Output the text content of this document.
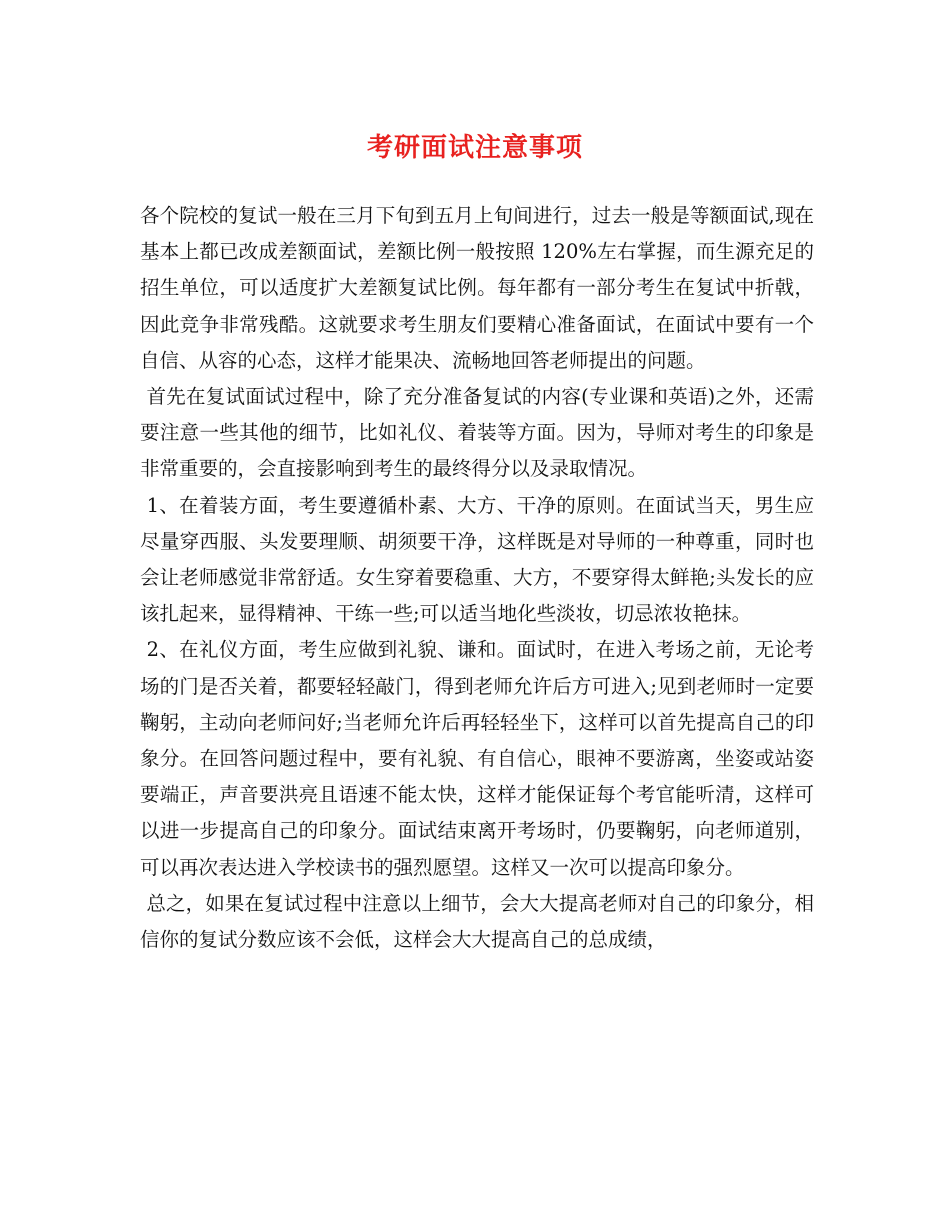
考研面试注意事项

各个院校的复试一般在三月下旬到五月上旬间进行，过去一般是等额面试,现在基本上都已改成差额面试，差额比例一般按照 120%左右掌握，而生源充足的招生单位，可以适度扩大差额复试比例。每年都有一部分考生在复试中折戟，因此竞争非常残酷。这就要求考生朋友们要精心准备面试，在面试中要有一个自信、从容的心态，这样才能果决、流畅地回答老师提出的问题。

首先在复试面试过程中，除了充分准备复试的内容(专业课和英语)之外，还需要注意一些其他的细节，比如礼仪、着装等方面。因为，导师对考生的印象是非常重要的，会直接影响到考生的最终得分以及录取情况。

1、在着装方面，考生要遵循朴素、大方、干净的原则。在面试当天，男生应尽量穿西服、头发要理顺、胡须要干净，这样既是对导师的一种尊重，同时也会让老师感觉非常舒适。女生穿着要稳重、大方，不要穿得太鲜艳;头发长的应该扎起来，显得精神、干练一些;可以适当地化些淡妆，切忌浓妆艳抹。

2、在礼仪方面，考生应做到礼貌、谦和。面试时，在进入考场之前，无论考场的门是否关着，都要轻轻敲门，得到老师允许后方可进入;见到老师时一定要鞠躬，主动向老师问好;当老师允许后再轻轻坐下，这样可以首先提高自己的印象分。在回答问题过程中，要有礼貌、有自信心，眼神不要游离，坐姿或站姿要端正，声音要洪亮且语速不能太快，这样才能保证每个考官能听清，这样可以进一步提高自己的印象分。面试结束离开考场时，仍要鞠躬，向老师道别，可以再次表达进入学校读书的强烈愿望。这样又一次可以提高印象分。

总之，如果在复试过程中注意以上细节，会大大提高老师对自己的印象分，相信你的复试分数应该不会低，这样会大大提高自己的总成绩，
